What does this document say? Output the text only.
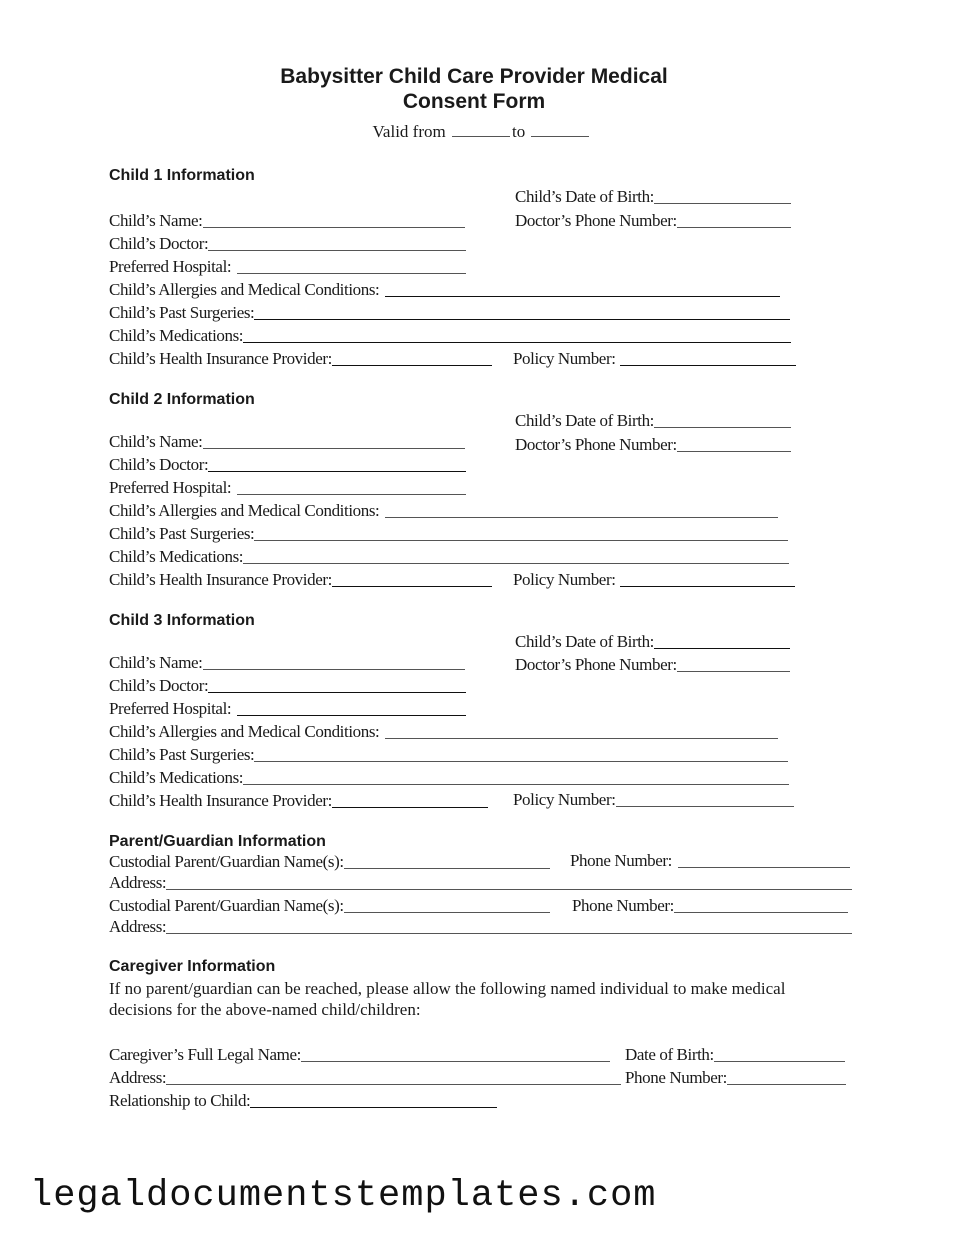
Babysitter Child Care Provider Medical
Consent Form
Valid from	to
Child 1 Information
Child’s Date of Birth:
Doctor’s Phone Number:
Child’s Name:
Child’s Doctor:
Preferred Hospital:
Child’s Allergies and Medical Conditions:
Child’s Past Surgeries:
Child’s Medications:
Child’s Health Insurance Provider:	Policy Number:
Child 2 Information
Child’s Date of Birth:
Doctor’s Phone Number:
Child’s Name:
Child’s Doctor:
Preferred Hospital:
Child’s Allergies and Medical Conditions:
Child’s Past Surgeries:
Child’s Medications:
Child’s Health Insurance Provider:	Policy Number:
Child 3 Information
Child’s Date of Birth:
Doctor’s Phone Number:
Child’s Name:
Child’s Doctor:
Preferred Hospital:
Child’s Allergies and Medical Conditions:
Child’s Past Surgeries:
Child’s Medications:
Child’s Health Insurance Provider:	Policy Number:
Parent/Guardian Information
Custodial Parent/Guardian Name(s):	Phone Number:
Address:
Custodial Parent/Guardian Name(s):	Phone Number:
Address:
Caregiver Information
If no parent/guardian can be reached, please allow the following named individual to make medical decisions for the above-named child/children:
Caregiver’s Full Legal Name:	Date of Birth:
Address:	Phone Number:
Relationship to Child:
legaldocumentstemplates.com
